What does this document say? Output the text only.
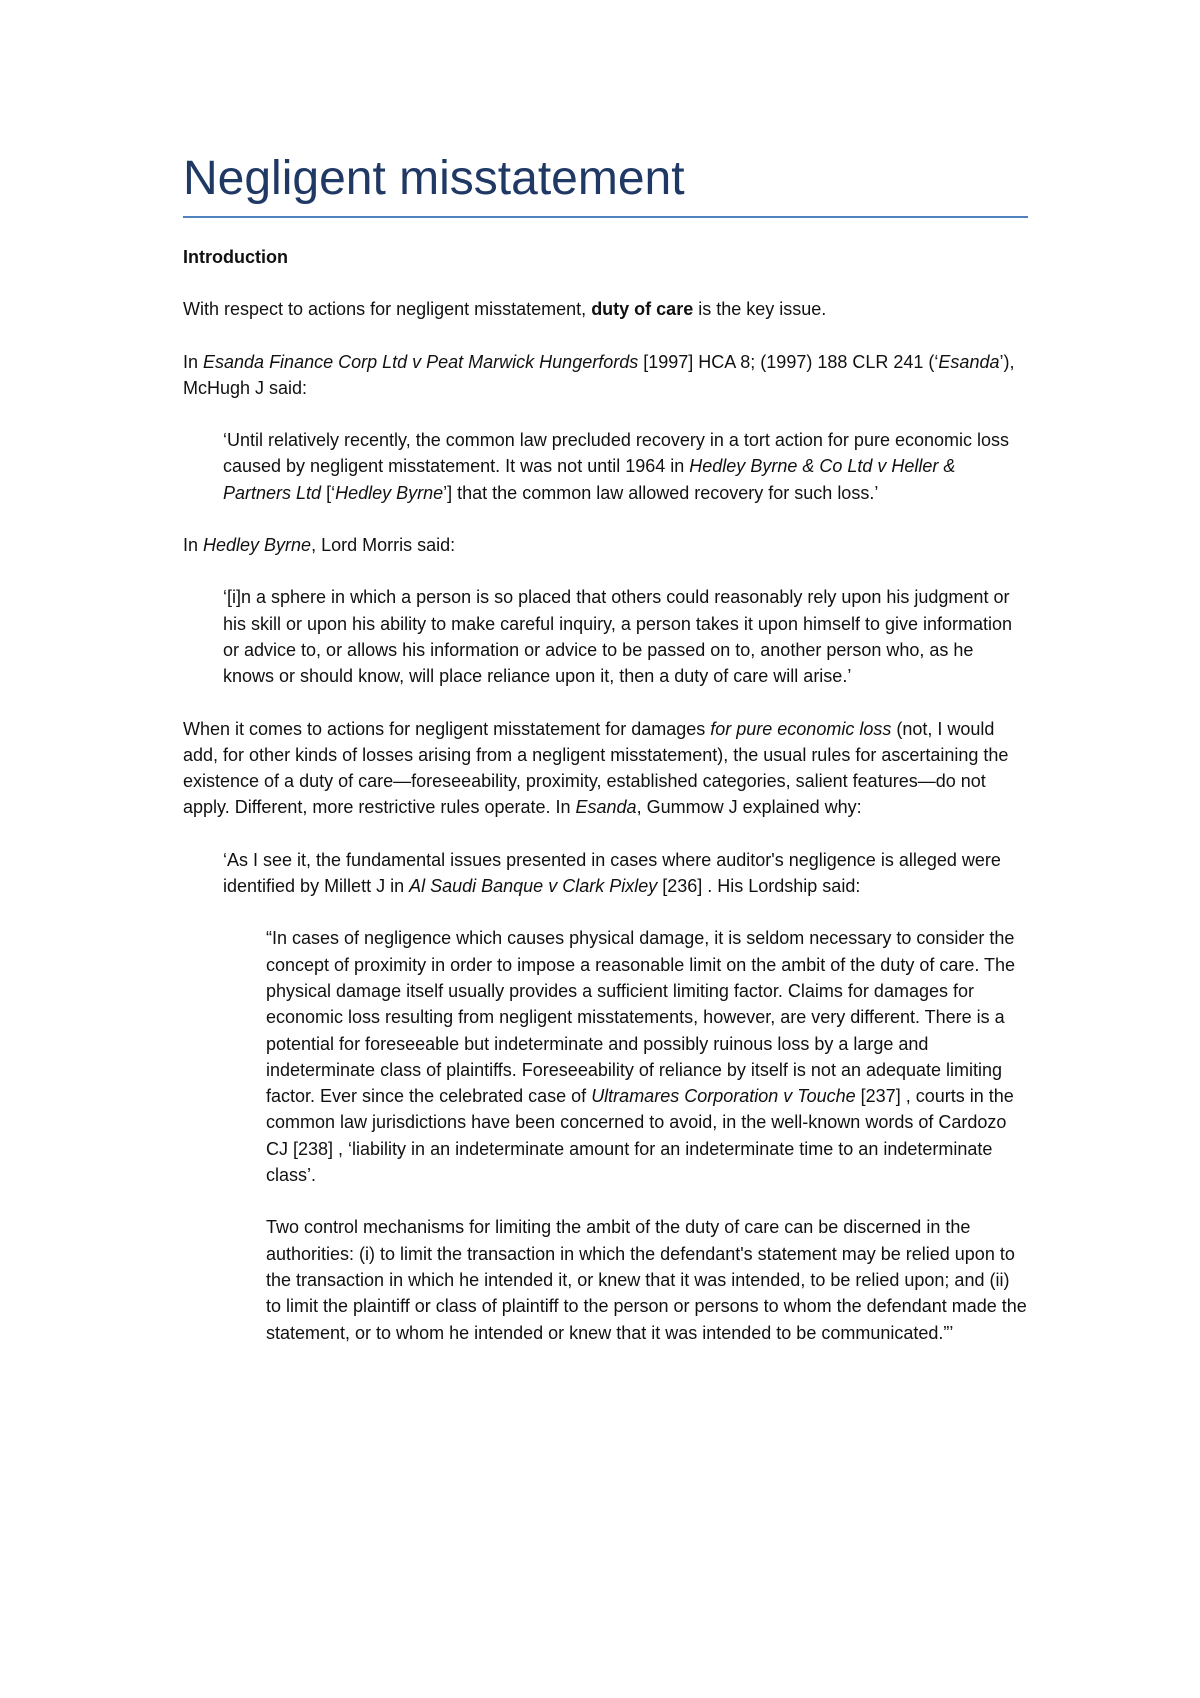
Negligent misstatement

Introduction

With respect to actions for negligent misstatement, duty of care is the key issue.

In Esanda Finance Corp Ltd v Peat Marwick Hungerfords [1997] HCA 8; (1997) 188 CLR 241 (‘Esanda’), McHugh J said:

‘Until relatively recently, the common law precluded recovery in a tort action for pure economic loss caused by negligent misstatement. It was not until 1964 in Hedley Byrne & Co Ltd v Heller & Partners Ltd [‘Hedley Byrne’] that the common law allowed recovery for such loss.’

In Hedley Byrne, Lord Morris said:

‘[i]n a sphere in which a person is so placed that others could reasonably rely upon his judgment or his skill or upon his ability to make careful inquiry, a person takes it upon himself to give information or advice to, or allows his information or advice to be passed on to, another person who, as he knows or should know, will place reliance upon it, then a duty of care will arise.’

When it comes to actions for negligent misstatement for damages for pure economic loss (not, I would add, for other kinds of losses arising from a negligent misstatement), the usual rules for ascertaining the existence of a duty of care—foreseeability, proximity, established categories, salient features—do not apply. Different, more restrictive rules operate. In Esanda, Gummow J explained why:

‘As I see it, the fundamental issues presented in cases where auditor's negligence is alleged were identified by Millett J in Al Saudi Banque v Clark Pixley [236] . His Lordship said:

“In cases of negligence which causes physical damage, it is seldom necessary to consider the concept of proximity in order to impose a reasonable limit on the ambit of the duty of care. The physical damage itself usually provides a sufficient limiting factor. Claims for damages for economic loss resulting from negligent misstatements, however, are very different. There is a potential for foreseeable but indeterminate and possibly ruinous loss by a large and indeterminate class of plaintiffs. Foreseeability of reliance by itself is not an adequate limiting factor. Ever since the celebrated case of Ultramares Corporation v Touche [237] , courts in the common law jurisdictions have been concerned to avoid, in the well-known words of Cardozo CJ [238] , ‘liability in an indeterminate amount for an indeterminate time to an indeterminate class’.

Two control mechanisms for limiting the ambit of the duty of care can be discerned in the authorities: (i) to limit the transaction in which the defendant's statement may be relied upon to the transaction in which he intended it, or knew that it was intended, to be relied upon; and (ii) to limit the plaintiff or class of plaintiff to the person or persons to whom the defendant made the statement, or to whom he intended or knew that it was intended to be communicated.”’
